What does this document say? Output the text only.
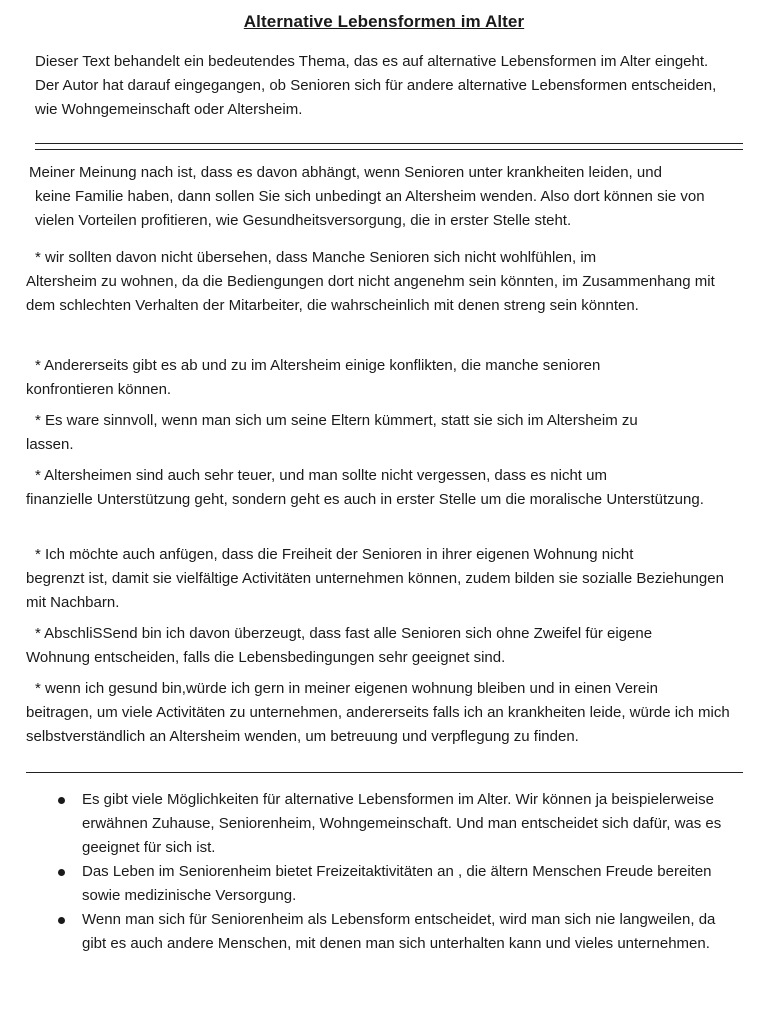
Alternative Lebensformen im Alter
Dieser Text behandelt ein bedeutendes Thema, das es auf alternative Lebensformen im Alter eingeht.
Der Autor hat darauf eingegangen, ob Senioren sich für andere alternative Lebensformen entscheiden, wie Wohngemeinschaft oder Altersheim.
Meiner Meinung nach ist, dass es davon abhängt, wenn Senioren unter krankheiten leiden, und
keine Familie haben, dann sollen Sie sich unbedingt an Altersheim wenden. Also dort können sie von vielen Vorteilen profitieren, wie Gesundheitsversorgung, die in erster Stelle steht.
* wir sollten davon nicht übersehen, dass Manche Senioren sich nicht wohlfühlen, im
Altersheim zu wohnen, da die Bediengungen dort nicht angenehm sein könnten, im Zusammenhang mit dem schlechten Verhalten der Mitarbeiter, die wahrscheinlich mit denen streng sein könnten.
* Andererseits gibt es ab und zu im Altersheim einige konflikten, die manche senioren
konfrontieren können.
* Es ware sinnvoll, wenn man sich um seine Eltern kümmert, statt sie sich im Altersheim zu
lassen.
* Altersheimen sind auch sehr teuer, und man sollte nicht vergessen, dass es nicht um
finanzielle Unterstützung geht, sondern geht es auch in erster Stelle um die moralische Unterstützung.
* Ich möchte auch anfügen, dass die Freiheit der Senioren in ihrer eigenen Wohnung nicht
begrenzt ist, damit sie vielfältige Activitäten unternehmen können, zudem bilden sie sozialle Beziehungen mit Nachbarn.
* AbschliSSend bin ich davon überzeugt, dass fast alle Senioren sich ohne Zweifel für eigene
Wohnung entscheiden, falls die Lebensbedingungen sehr geeignet sind.
* wenn ich gesund bin,würde ich gern in meiner eigenen wohnung bleiben und in einen Verein
beitragen, um viele Activitäten zu unternehmen, andererseits falls ich an krankheiten leide, würde ich mich selbstverständlich an Altersheim wenden, um betreuung und verpflegung zu finden.
Es gibt viele Möglichkeiten für alternative Lebensformen im Alter. Wir können ja beispielerweise erwähnen Zuhause, Seniorenheim, Wohngemeinschaft. Und man entscheidet sich dafür, was es geeignet für sich ist.
Das Leben im Seniorenheim bietet Freizeitaktivitäten an , die ältern Menschen Freude bereiten sowie medizinische Versorgung.
Wenn man sich für Seniorenheim als Lebensform entscheidet, wird man sich nie langweilen, da gibt es auch andere Menschen, mit denen man sich unterhalten kann und vieles unternehmen.
